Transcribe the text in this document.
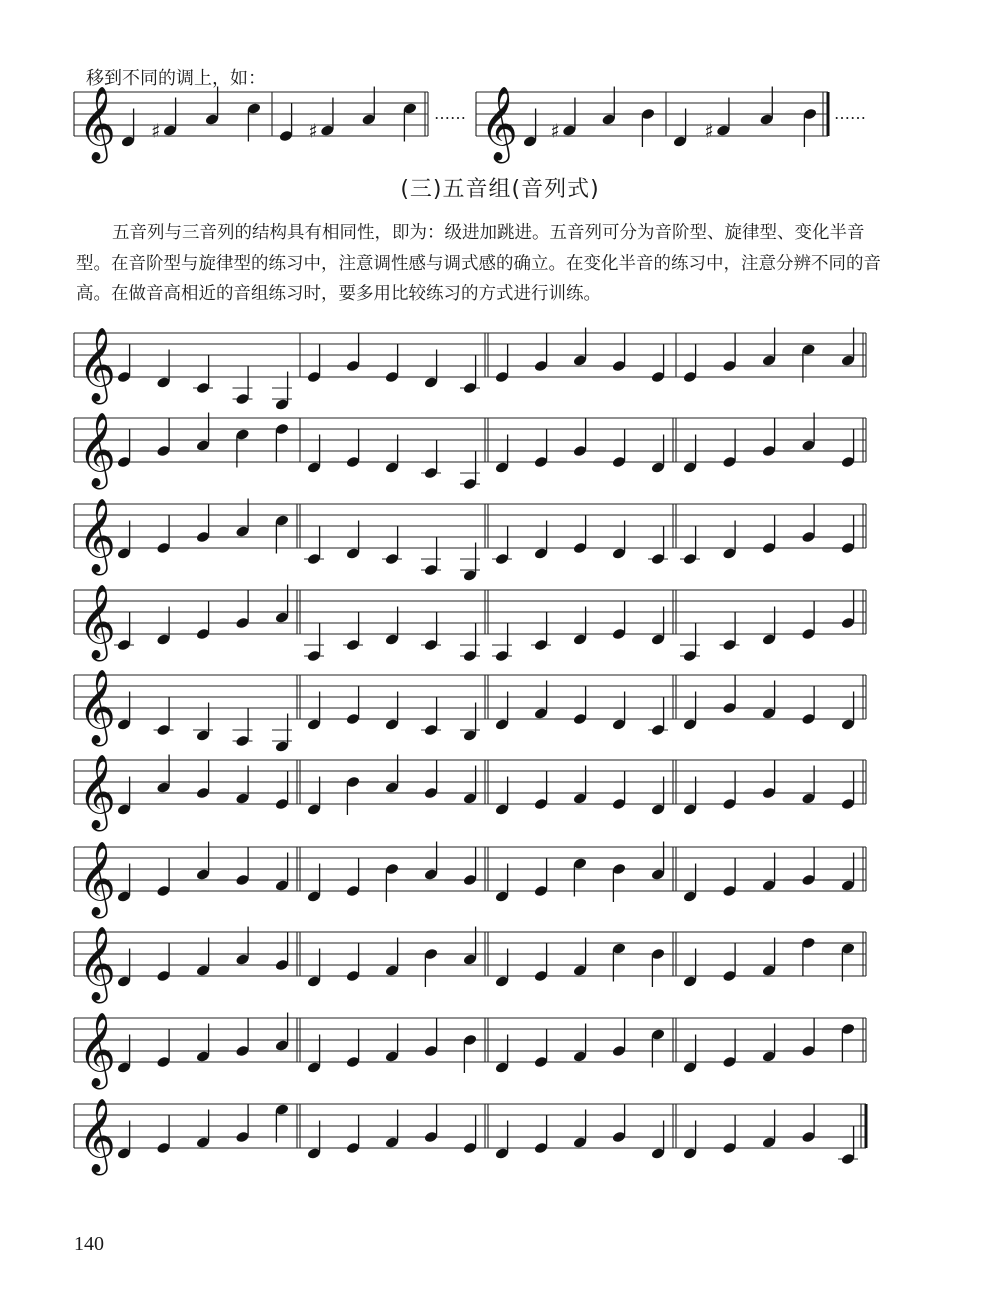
移到不同的调上，如：
(三)五音组(音列式)
五音列与三音列的结构具有相同性，即为：级进加跳进。五音列可分为音阶型、旋律型、变化半音型。在音阶型与旋律型的练习中，注意调性感与调式感的确立。在变化半音的练习中，注意分辨不同的音高。在做音高相近的音组练习时，要多用比较练习的方式进行训练。
140
𝄞 ♯	♯
…… 𝄞 ♯	♯
……
𝄞
𝄞
𝄞
𝄞
𝄞
𝄞
𝄞
𝄞
𝄞
𝄞
